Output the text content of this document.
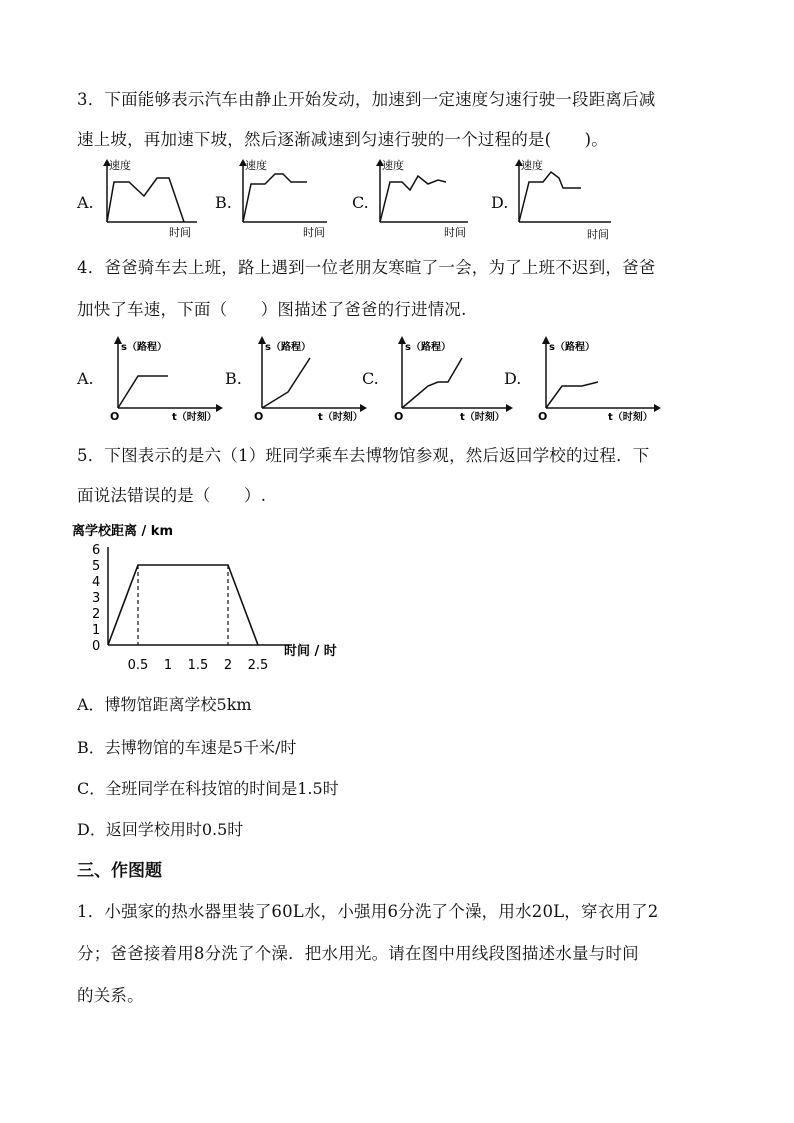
3．下面能够表示汽车由静止开始发动，加速到一定速度匀速行驶一段距离后减
速上坡，再加速下坡，然后逐渐减速到匀速行驶的一个过程的是(　　)。
A.
速度
时间
B.
速度
时间
C.
速度
时间
D.
速度
时间
4．爸爸骑车去上班，路上遇到一位老朋友寒暄了一会，为了上班不迟到，爸爸
加快了车速，下面（　　）图描述了爸爸的行进情况.
A.
s（路程）
t（时刻）
O
B.
s（路程）
t（时刻）
O
C.
s（路程）
t（时刻）
O
D.
s（路程）
t（时刻）
O
5．下图表示的是六（1）班同学乘车去博物馆参观，然后返回学校的过程．下
面说法错误的是（　　）.
离学校距离 / km
1
2
3
4
5
6
0.5 1 1.5 2 2.5
0	时间 / 时
A．博物馆距离学校5km
B．去博物馆的车速是5千米/时
C．全班同学在科技馆的时间是1.5时
D．返回学校用时0.5时
三、作图题
1．小强家的热水器里装了60L水，小强用6分洗了个澡，用水20L，穿衣用了2
分；爸爸接着用8分洗了个澡．把水用光。请在图中用线段图描述水量与时间
的关系。
